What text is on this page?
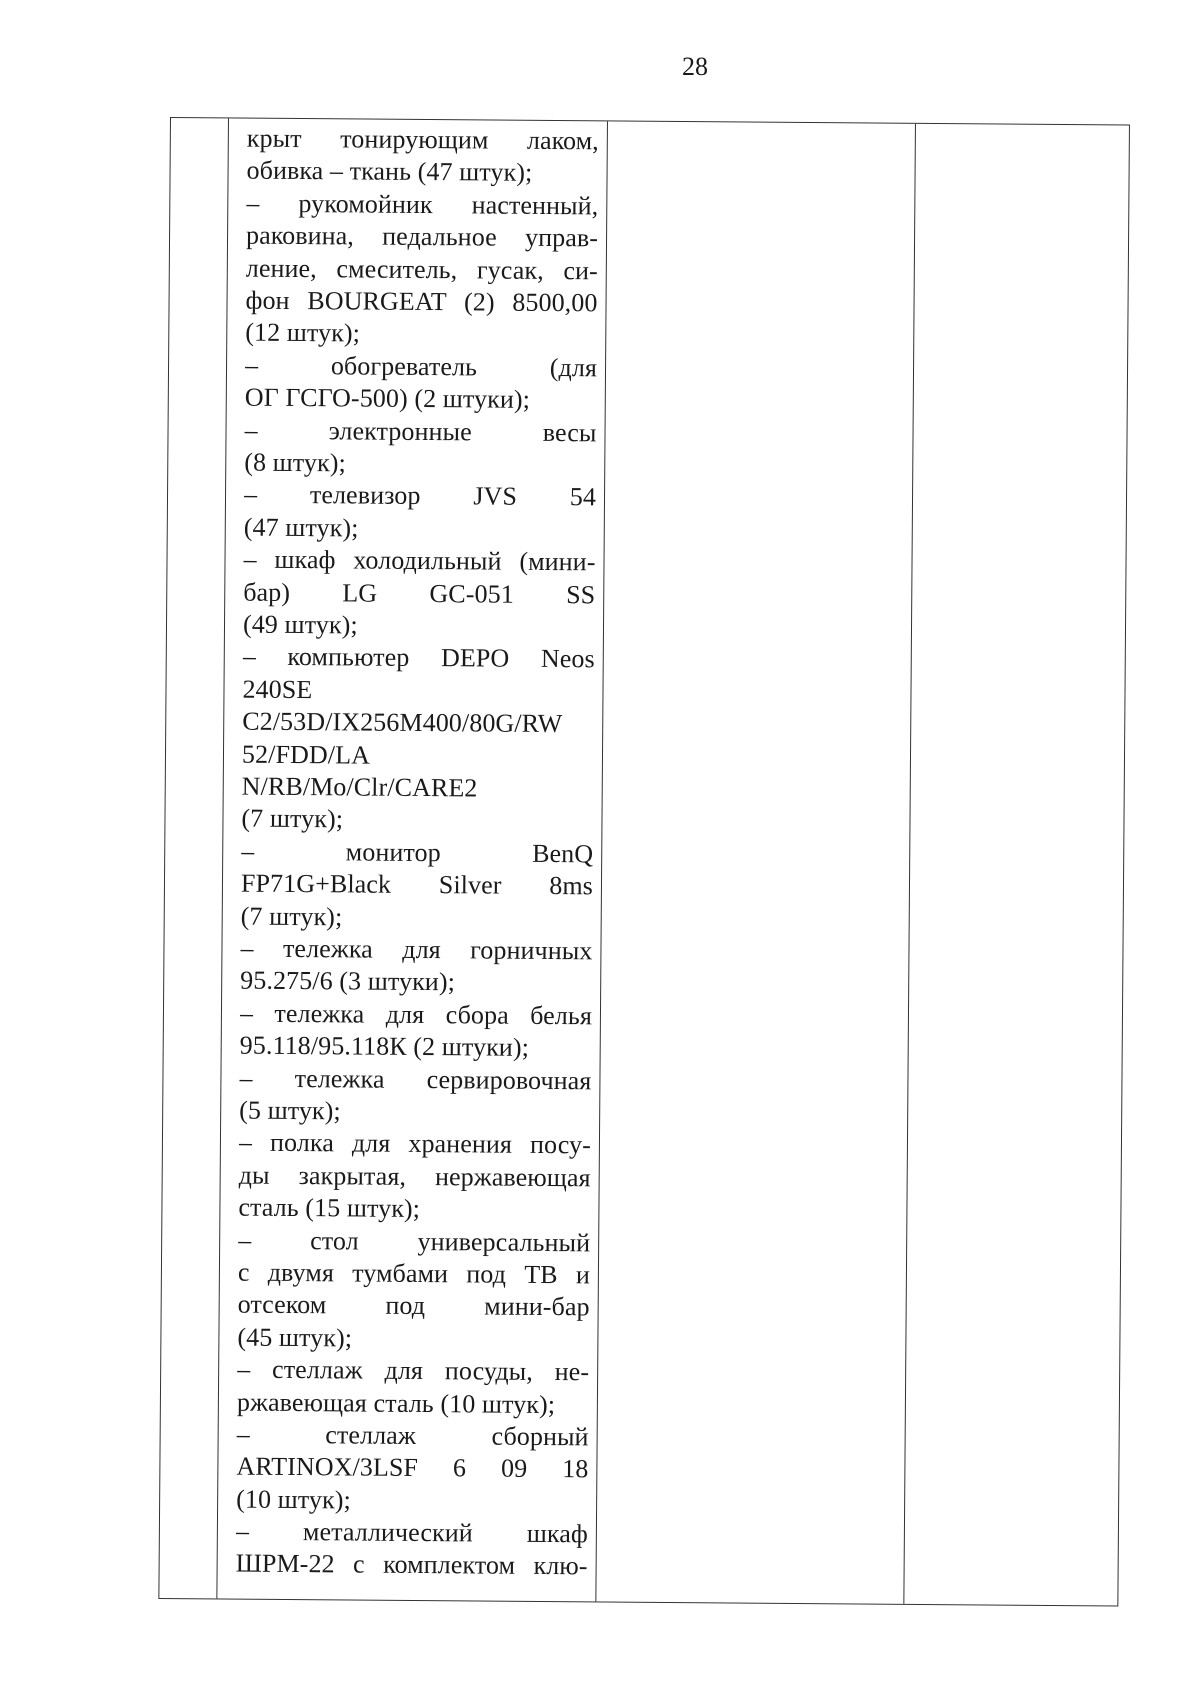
28
крыт тонирующим лаком,
обивка – ткань (47 штук);
– рукомойник настенный,
раковина, педальное управ-
ление, смеситель, гусак, си-
фон BOURGEAT (2) 8500,00
(12 штук);
– обогреватель (для
ОГ ГСГО-500) (2 штуки);
– электронные весы
(8 штук);
– телевизор JVS 54
(47 штук);
– шкаф холодильный (мини-
бар) LG GC-051 SS
(49 штук);
– компьютер DEPO Neos
240SE
C2/53D/IX256M400/80G/RW
52/FDD/LA
N/RB/Mo/Clr/CARE2
(7 штук);
– монитор BenQ
FP71G+Black Silver 8ms
(7 штук);
– тележка для горничных
95.275/6 (3 штуки);
– тележка для сбора белья
95.118/95.118К (2 штуки);
– тележка сервировочная
(5 штук);
– полка для хранения посу-
ды закрытая, нержавеющая
сталь (15 штук);
– стол универсальный
с двумя тумбами под ТВ и
отсеком под мини-бар
(45 штук);
– стеллаж для посуды, не-
ржавеющая сталь (10 штук);
– стеллаж сборный
ARTINOX/3LSF 6 09 18
(10 штук);
– металлический шкаф
ШРМ-22 с комплектом клю-
